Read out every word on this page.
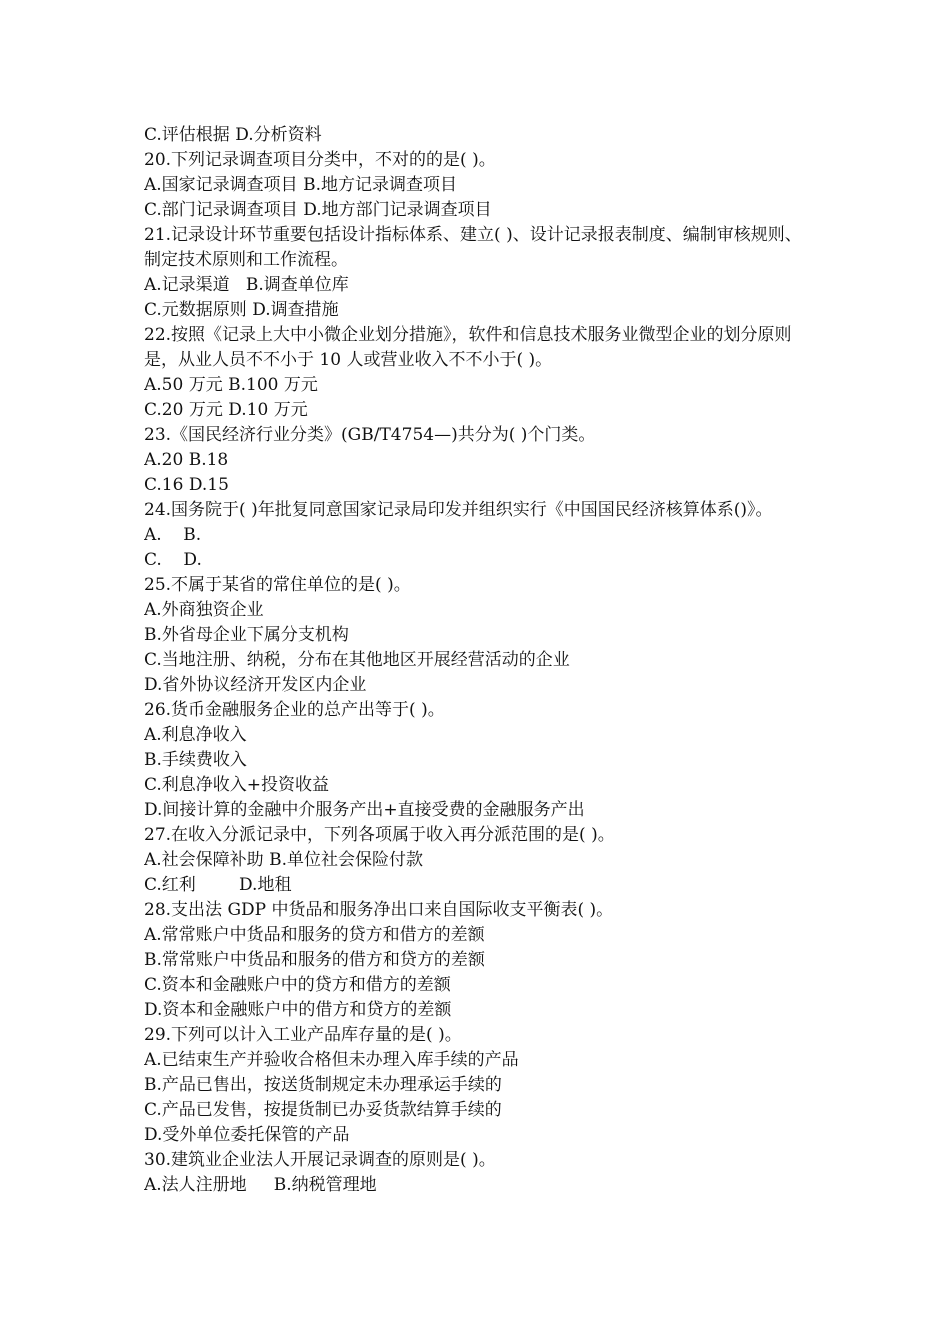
C.评估根据 D.分析资料
20.下列记录调查项目分类中，不对的的是( )。
A.国家记录调查项目 B.地方记录调查项目
C.部门记录调查项目 D.地方部门记录调查项目
21.记录设计环节重要包括设计指标体系、建立( )、设计记录报表制度、编制审核规则、制定技术原则和工作流程。
A.记录渠道   B.调查单位库
C.元数据原则 D.调查措施
22.按照《记录上大中小微企业划分措施》，软件和信息技术服务业微型企业的划分原则是，从业人员不不小于 10 人或营业收入不不小于( )。
A.50 万元 B.100 万元
C.20 万元 D.10 万元
23.《国民经济行业分类》(GB/T4754—)共分为( )个门类。
A.20 B.18
C.16 D.15
24.国务院于( )年批复同意国家记录局印发并组织实行《中国国民经济核算体系()》。
A.    B.
C.    D.
25.不属于某省的常住单位的是( )。
A.外商独资企业
B.外省母企业下属分支机构
C.当地注册、纳税，分布在其他地区开展经营活动的企业
D.省外协议经济开发区内企业
26.货币金融服务企业的总产出等于( )。
A.利息净收入
B.手续费收入
C.利息净收入+投资收益
D.间接计算的金融中介服务产出+直接受费的金融服务产出
27.在收入分派记录中，下列各项属于收入再分派范围的是( )。
A.社会保障补助 B.单位社会保险付款
C.红利        D.地租
28.支出法 GDP 中货品和服务净出口来自国际收支平衡表( )。
A.常常账户中货品和服务的贷方和借方的差额
B.常常账户中货品和服务的借方和贷方的差额
C.资本和金融账户中的贷方和借方的差额
D.资本和金融账户中的借方和贷方的差额
29.下列可以计入工业产品库存量的是( )。
A.已结束生产并验收合格但未办理入库手续的产品
B.产品已售出，按送货制规定未办理承运手续的
C.产品已发售，按提货制已办妥货款结算手续的
D.受外单位委托保管的产品
30.建筑业企业法人开展记录调查的原则是( )。
A.法人注册地     B.纳税管理地
